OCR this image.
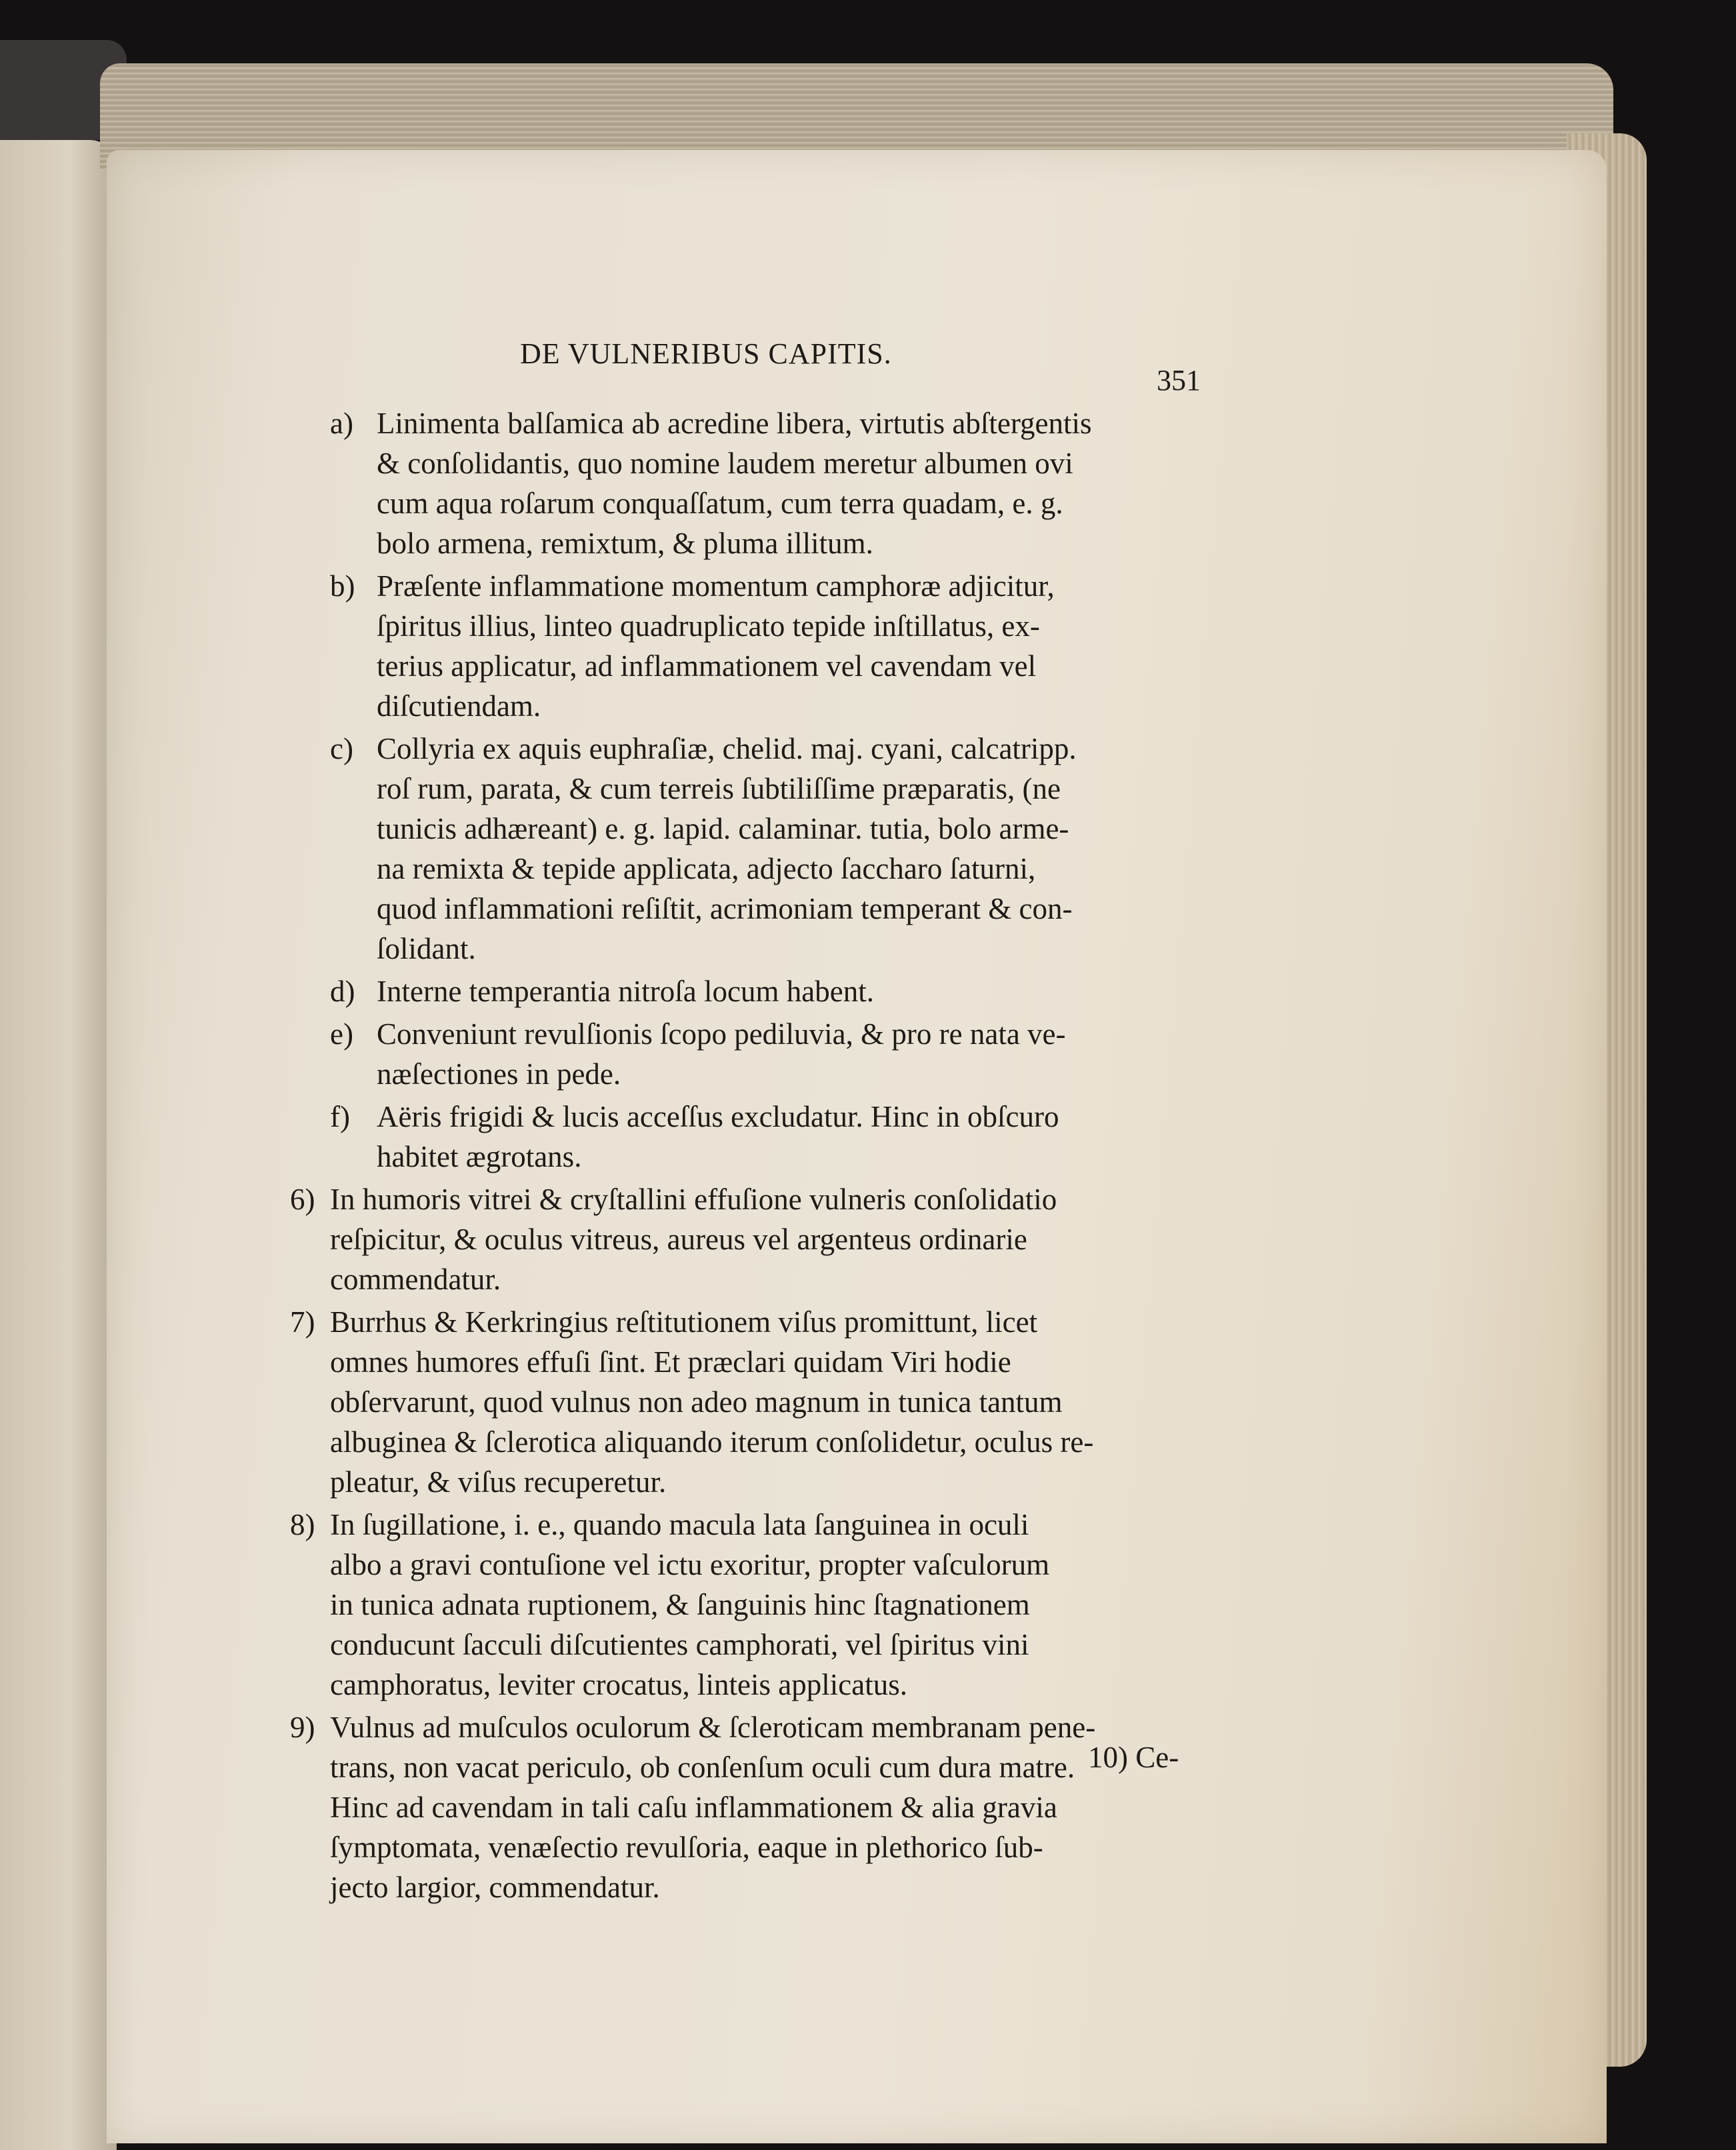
DE VULNERIBUS CAPITIS.
351
a) Linimenta balſamica ab acredine libera, virtutis abſtergentis
& conſolidantis, quo nomine laudem meretur albumen ovi
cum aqua roſarum conquaſſatum, cum terra quadam, e. g.
bolo armena, remixtum, & pluma illitum.
b) Præſente inflammatione momentum camphoræ adjicitur,
ſpiritus illius, linteo quadruplicato tepide inſtillatus, ex-
terius applicatur, ad inflammationem vel cavendam vel
diſcutiendam.
c) Collyria ex aquis euphraſiæ, chelid. maj. cyani, calcatripp.
roſ rum, parata, & cum terreis ſubtiliſſime præparatis, (ne
tunicis adhæreant) e. g. lapid. calaminar. tutia, bolo arme-
na remixta & tepide applicata, adjecto ſaccharo ſaturni,
quod inflammationi reſiſtit, acrimoniam temperant & con-
ſolidant.
d) Interne temperantia nitroſa locum habent.
e) Conveniunt revulſionis ſcopo pediluvia, & pro re nata ve-
næſectiones in pede.
f) Aëris frigidi & lucis acceſſus excludatur. Hinc in obſcuro
habitet ægrotans.
6) In humoris vitrei & cryſtallini effuſione vulneris conſolidatio
reſpicitur, & oculus vitreus, aureus vel argenteus ordinarie
commendatur.
7) Burrhus & Kerkringius reſtitutionem viſus promittunt, licet
omnes humores effuſi ſint. Et præclari quidam Viri hodie
obſervarunt, quod vulnus non adeo magnum in tunica tantum
albuginea & ſclerotica aliquando iterum conſolidetur, oculus re-
pleatur, & viſus recuperetur.
8) In ſugillatione, i. e., quando macula lata ſanguinea in oculi
albo a gravi contuſione vel ictu exoritur, propter vaſculorum
in tunica adnata ruptionem, & ſanguinis hinc ſtagnationem
conducunt ſacculi diſcutientes camphorati, vel ſpiritus vini
camphoratus, leviter crocatus, linteis applicatus.
9) Vulnus ad muſculos oculorum & ſcleroticam membranam pene-
trans, non vacat periculo, ob conſenſum oculi cum dura matre.
Hinc ad cavendam in tali caſu inflammationem & alia gravia
ſymptomata, venæſectio revulſoria, eaque in plethorico ſub-
jecto largior, commendatur.
10) Ce-
